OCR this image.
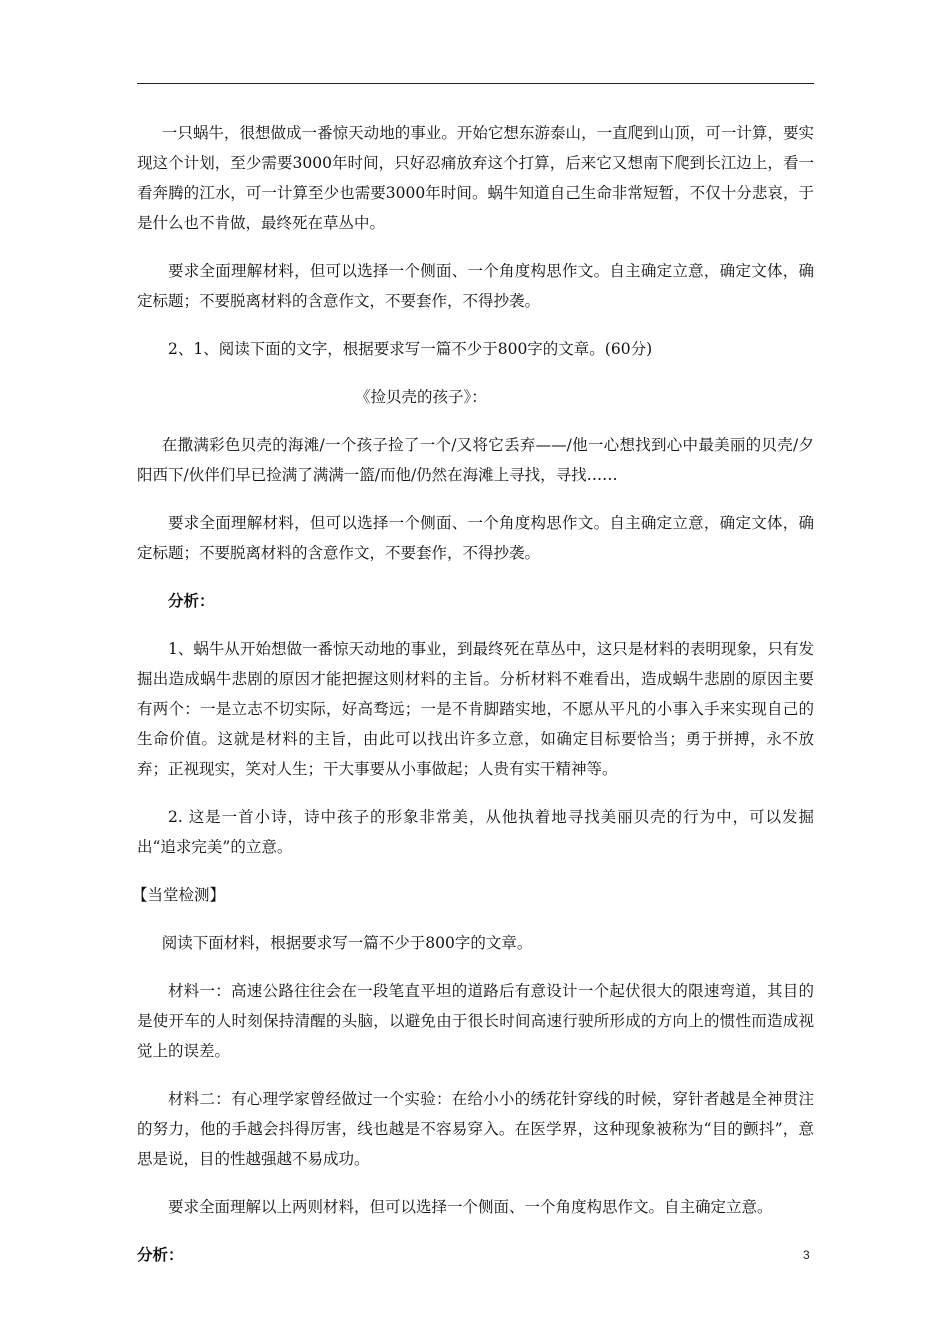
一只蜗牛，很想做成一番惊天动地的事业。开始它想东游泰山，一直爬到山顶，可一计算，要实现这个计划，至少需要3000年时间，只好忍痛放弃这个打算，后来它又想南下爬到长江边上，看一看奔腾的江水，可一计算至少也需要3000年时间。蜗牛知道自己生命非常短暂，不仅十分悲哀，于是什么也不肯做，最终死在草丛中。

要求全面理解材料，但可以选择一个侧面、一个角度构思作文。自主确定立意，确定文体，确定标题；不要脱离材料的含意作文，不要套作，不得抄袭。

2、1、阅读下面的文字，根据要求写一篇不少于800字的文章。(60分)

《捡贝壳的孩子》：

在撒满彩色贝壳的海滩/一个孩子捡了一个/又将它丢弃——/他一心想找到心中最美丽的贝壳/夕阳西下/伙伴们早已捡满了满满一篮/而他/仍然在海滩上寻找，寻找……

要求全面理解材料，但可以选择一个侧面、一个角度构思作文。自主确定立意，确定文体，确定标题；不要脱离材料的含意作文，不要套作，不得抄袭。

分析：

1、蜗牛从开始想做一番惊天动地的事业，到最终死在草丛中，这只是材料的表明现象，只有发掘出造成蜗牛悲剧的原因才能把握这则材料的主旨。分析材料不难看出，造成蜗牛悲剧的原因主要有两个：一是立志不切实际，好高骛远；一是不肯脚踏实地，不愿从平凡的小事入手来实现自己的生命价值。这就是材料的主旨，由此可以找出许多立意，如确定目标要恰当；勇于拼搏，永不放弃；正视现实，笑对人生；干大事要从小事做起；人贵有实干精神等。

2. 这是一首小诗，诗中孩子的形象非常美，从他执着地寻找美丽贝壳的行为中，可以发掘出“追求完美”的立意。

【当堂检测】

阅读下面材料，根据要求写一篇不少于800字的文章。

材料一：高速公路往往会在一段笔直平坦的道路后有意设计一个起伏很大的限速弯道，其目的是使开车的人时刻保持清醒的头脑，以避免由于很长时间高速行驶所形成的方向上的惯性而造成视觉上的误差。

材料二：有心理学家曾经做过一个实验：在给小小的绣花针穿线的时候，穿针者越是全神贯注的努力，他的手越会抖得厉害，线也越是不容易穿入。在医学界，这种现象被称为“目的颤抖”，意思是说，目的性越强越不易成功。

要求全面理解以上两则材料，但可以选择一个侧面、一个角度构思作文。自主确定立意。

分析：	3
